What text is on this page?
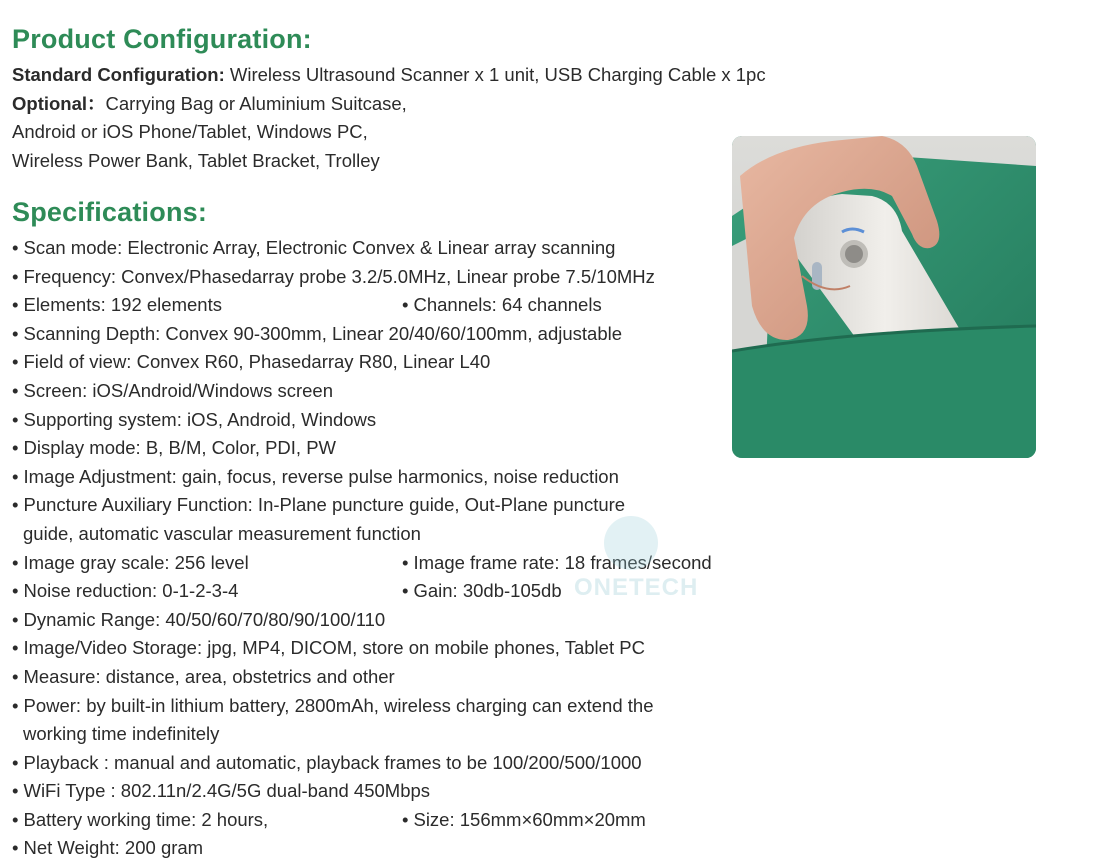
Product Configuration:
Standard Configuration: Wireless Ultrasound Scanner x 1 unit, USB Charging Cable x 1pc
Optional：Carrying Bag or Aluminium Suitcase,
Android or iOS Phone/Tablet, Windows PC,
Wireless Power Bank, Tablet Bracket, Trolley
Specifications:
• Scan mode: Electronic Array, Electronic Convex & Linear array scanning
• Frequency: Convex/Phasedarray probe 3.2/5.0MHz, Linear probe 7.5/10MHz
• Elements: 192 elements	• Channels: 64 channels
• Scanning Depth: Convex 90-300mm, Linear 20/40/60/100mm, adjustable
• Field of view: Convex R60, Phasedarray R80, Linear L40
• Screen: iOS/Android/Windows screen
• Supporting system: iOS, Android, Windows
• Display mode: B, B/M, Color, PDI, PW
• Image Adjustment: gain, focus, reverse pulse harmonics, noise reduction
• Puncture Auxiliary Function: In-Plane puncture guide, Out-Plane puncture
guide, automatic vascular measurement function
• Image gray scale: 256 level	• Image frame rate: 18 frames/second
• Noise reduction: 0-1-2-3-4	• Gain: 30db-105db
• Dynamic Range: 40/50/60/70/80/90/100/110
• Image/Video Storage: jpg, MP4, DICOM, store on mobile phones, Tablet PC
• Measure: distance, area, obstetrics and other
• Power: by built-in lithium battery, 2800mAh, wireless charging can extend the
working time indefinitely
• Playback : manual and automatic, playback frames to be 100/200/500/1000
• WiFi Type : 802.11n/2.4G/5G dual-band 450Mbps
• Battery working time: 2 hours,	• Size: 156mm×60mm×20mm
• Net Weight: 200 gram
ONETECH
